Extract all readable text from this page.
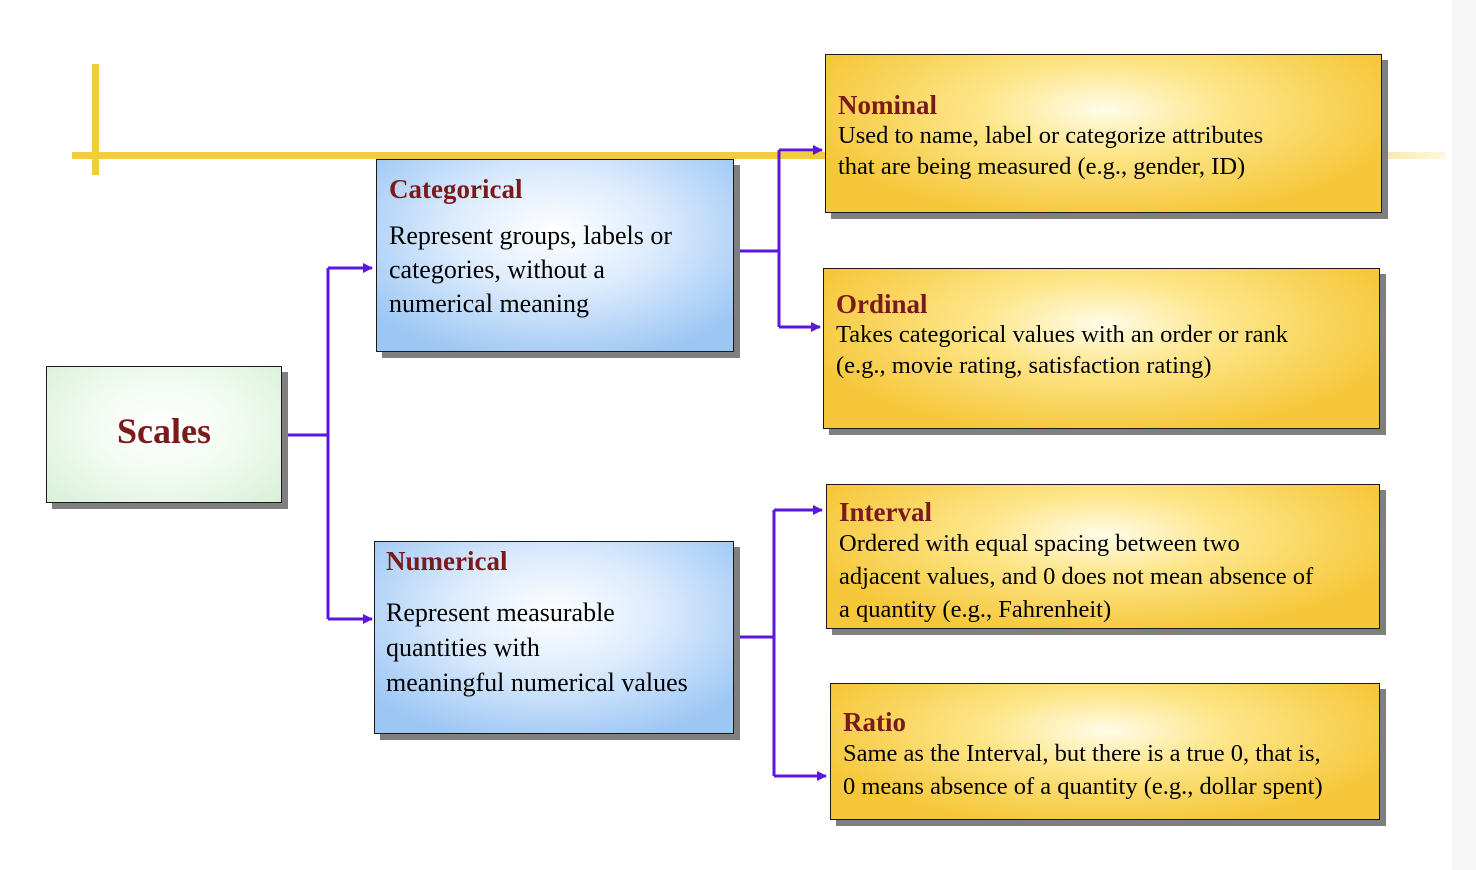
Scales
Categorical
Represent groups, labels or
categories, without a
numerical meaning
Numerical
Represent measurable
quantities with
meaningful numerical values
Nominal
Used to name, label or categorize attributes
that are being measured (e.g., gender, ID)
Ordinal
Takes categorical values with an order or rank
(e.g., movie rating, satisfaction rating)
Interval
Ordered with equal spacing between two
adjacent values, and 0 does not mean absence of
a quantity (e.g., Fahrenheit)
Ratio
Same as the Interval, but there is a true 0, that is,
0 means absence of a quantity (e.g., dollar spent)
